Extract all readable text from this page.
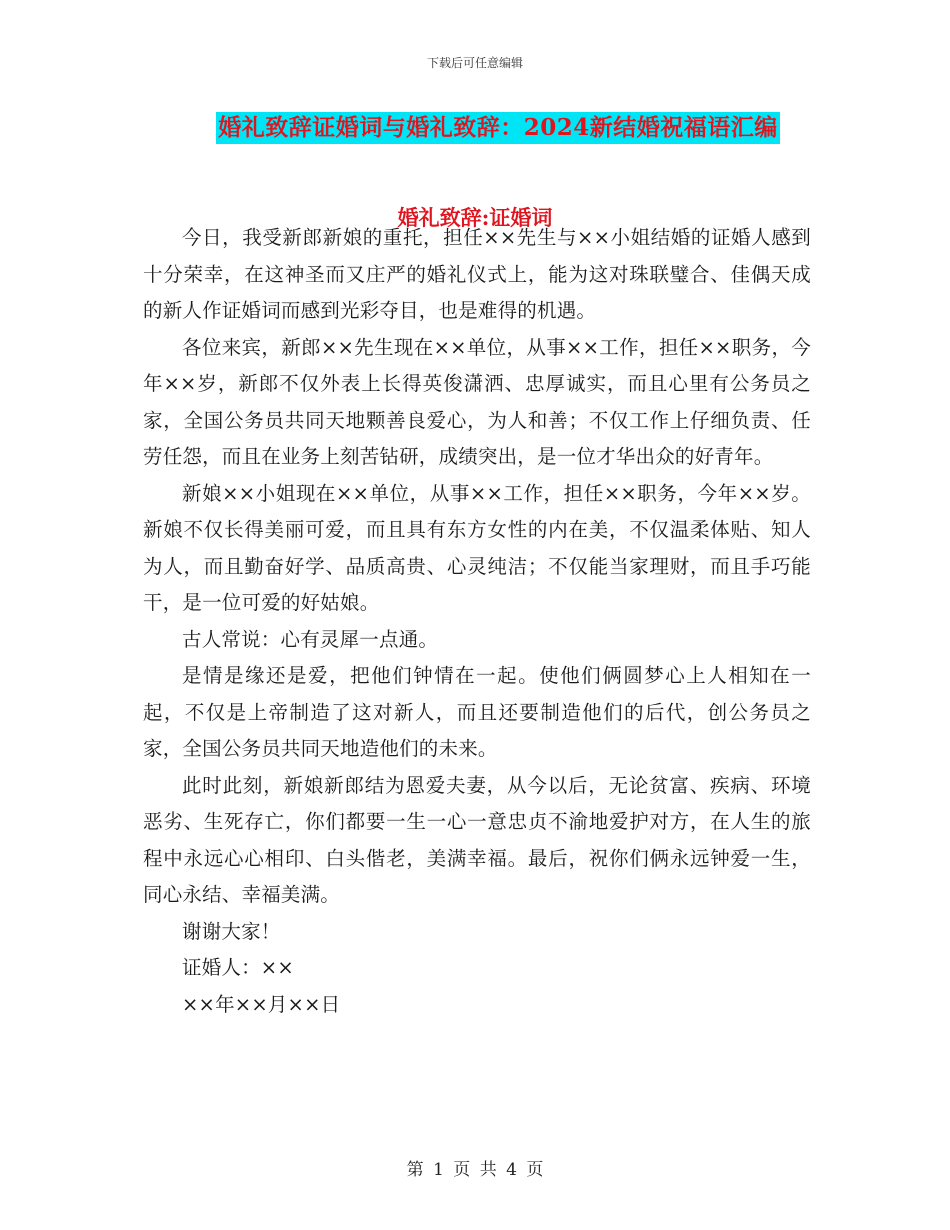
下载后可任意编辑
婚礼致辞证婚词与婚礼致辞：2024新结婚祝福语汇编
婚礼致辞:证婚词

今日，我受新郎新娘的重托，担任××先生与××小姐结婚的证婚人感到十分荣幸，在这神圣而又庄严的婚礼仪式上，能为这对珠联璧合、佳偶天成的新人作证婚词而感到光彩夺目，也是难得的机遇。

各位来宾，新郎××先生现在××单位，从事××工作，担任××职务，今年××岁，新郎不仅外表上长得英俊潇洒、忠厚诚实，而且心里有公务员之家，全国公务员共同天地颗善良爱心，为人和善；不仅工作上仔细负责、任劳任怨，而且在业务上刻苦钻研，成绩突出，是一位才华出众的好青年。

新娘××小姐现在××单位，从事××工作，担任××职务，今年××岁。新娘不仅长得美丽可爱，而且具有东方女性的内在美，不仅温柔体贴、知人为人，而且勤奋好学、品质高贵、心灵纯洁；不仅能当家理财，而且手巧能干，是一位可爱的好姑娘。

古人常说：心有灵犀一点通。

是情是缘还是爱，把他们钟情在一起。使他们俩圆梦心上人相知在一起，不仅是上帝制造了这对新人，而且还要制造他们的后代，创公务员之家，全国公务员共同天地造他们的未来。

此时此刻，新娘新郎结为恩爱夫妻，从今以后，无论贫富、疾病、环境恶劣、生死存亡，你们都要一生一心一意忠贞不渝地爱护对方，在人生的旅程中永远心心相印、白头偕老，美满幸福。最后，祝你们俩永远钟爱一生，同心永结、幸福美满。

谢谢大家！

证婚人：××

××年××月××日

第 1 页 共 4 页
